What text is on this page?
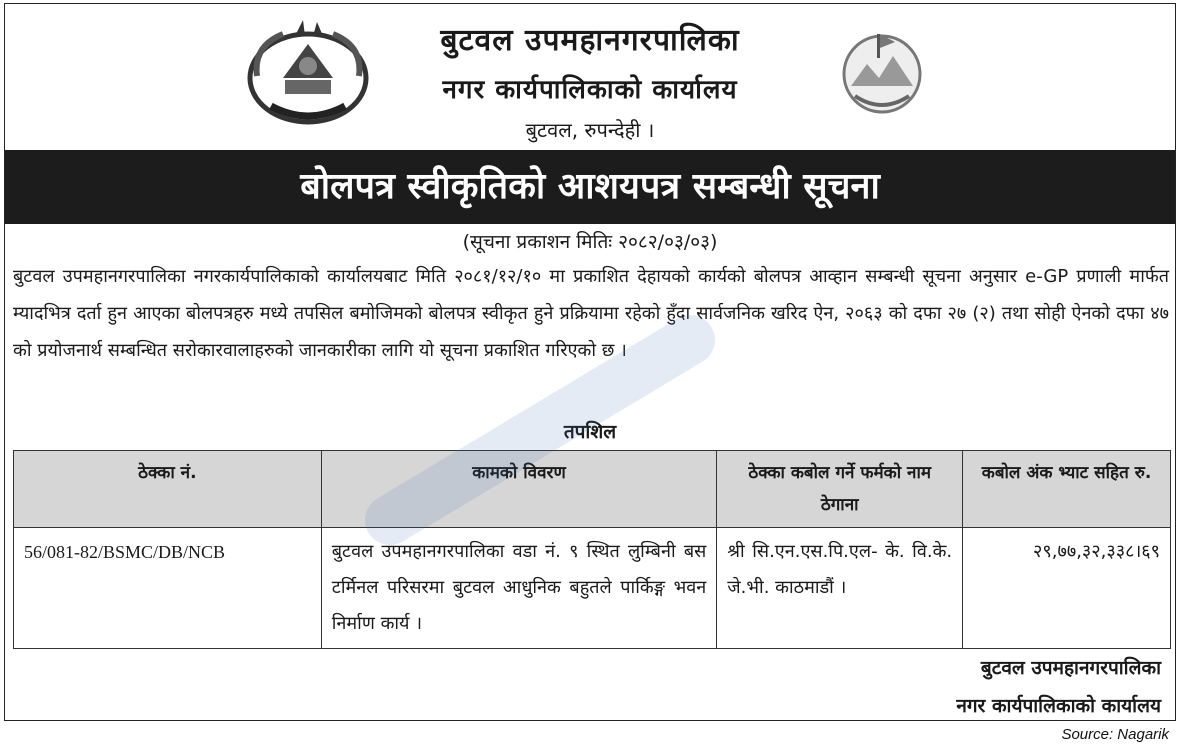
बुटवल उपमहानगरपालिका
नगर कार्यपालिकाको कार्यालय
बुटवल, रुपन्देही ।
बोलपत्र स्वीकृतिको आशयपत्र सम्बन्धी सूचना
(सूचना प्रकाशन मितिः २०८२/०३/०३)
बुटवल उपमहानगरपालिका नगरकार्यपालिकाको कार्यालयबाट मिति २०८१/१२/१० मा प्रकाशित देहायको कार्यको बोलपत्र आव्हान सम्बन्धी सूचना अनुसार e-GP प्रणाली मार्फत म्यादभित्र दर्ता हुन आएका बोलपत्रहरु मध्ये तपसिल बमोजिमको बोलपत्र स्वीकृत हुने प्रक्रियामा रहेको हुँदा सार्वजनिक खरिद ऐन, २०६३ को दफा २७ (२) तथा सोही ऐनको दफा ४७ को प्रयोजनार्थ सम्बन्धित सरोकारवालाहरुको जानकारीका लागि यो सूचना प्रकाशित गरिएको छ ।
तपशिल
ठेक्का नं.	कामको विवरण	ठेक्का कबोल गर्ने फर्मको नाम ठेगाना	कबोल अंक भ्याट सहित रु.
56/081-82/BSMC/DB/NCB	बुटवल उपमहानगरपालिका वडा नं. ९ स्थित लुम्बिनी बस टर्मिनल परिसरमा बुटवल आधुनिक बहुतले पार्किङ्ग भवन निर्माण कार्य ।	श्री सि.एन.एस.पि.एल- के. वि.के. जे.भी. काठमाडौं ।	२९,७७,३२,३३८।६९
बुटवल उपमहानगरपालिका
नगर कार्यपालिकाको कार्यालय
Source: Nagarik
